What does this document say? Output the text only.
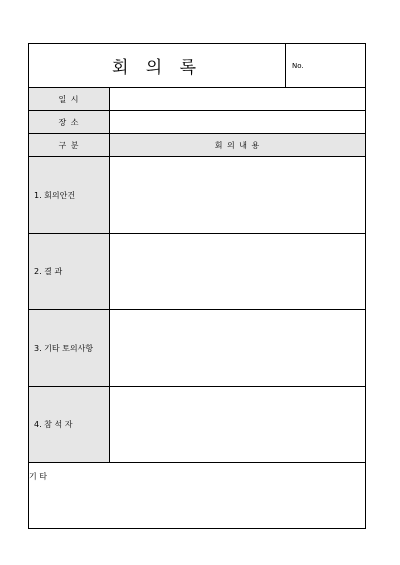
회 의 록	No.
일 시
장 소
구 분	회 의 내 용
1. 회의안건
2. 결 과
3. 기타 토의사항
4. 참 석 자
기 타
